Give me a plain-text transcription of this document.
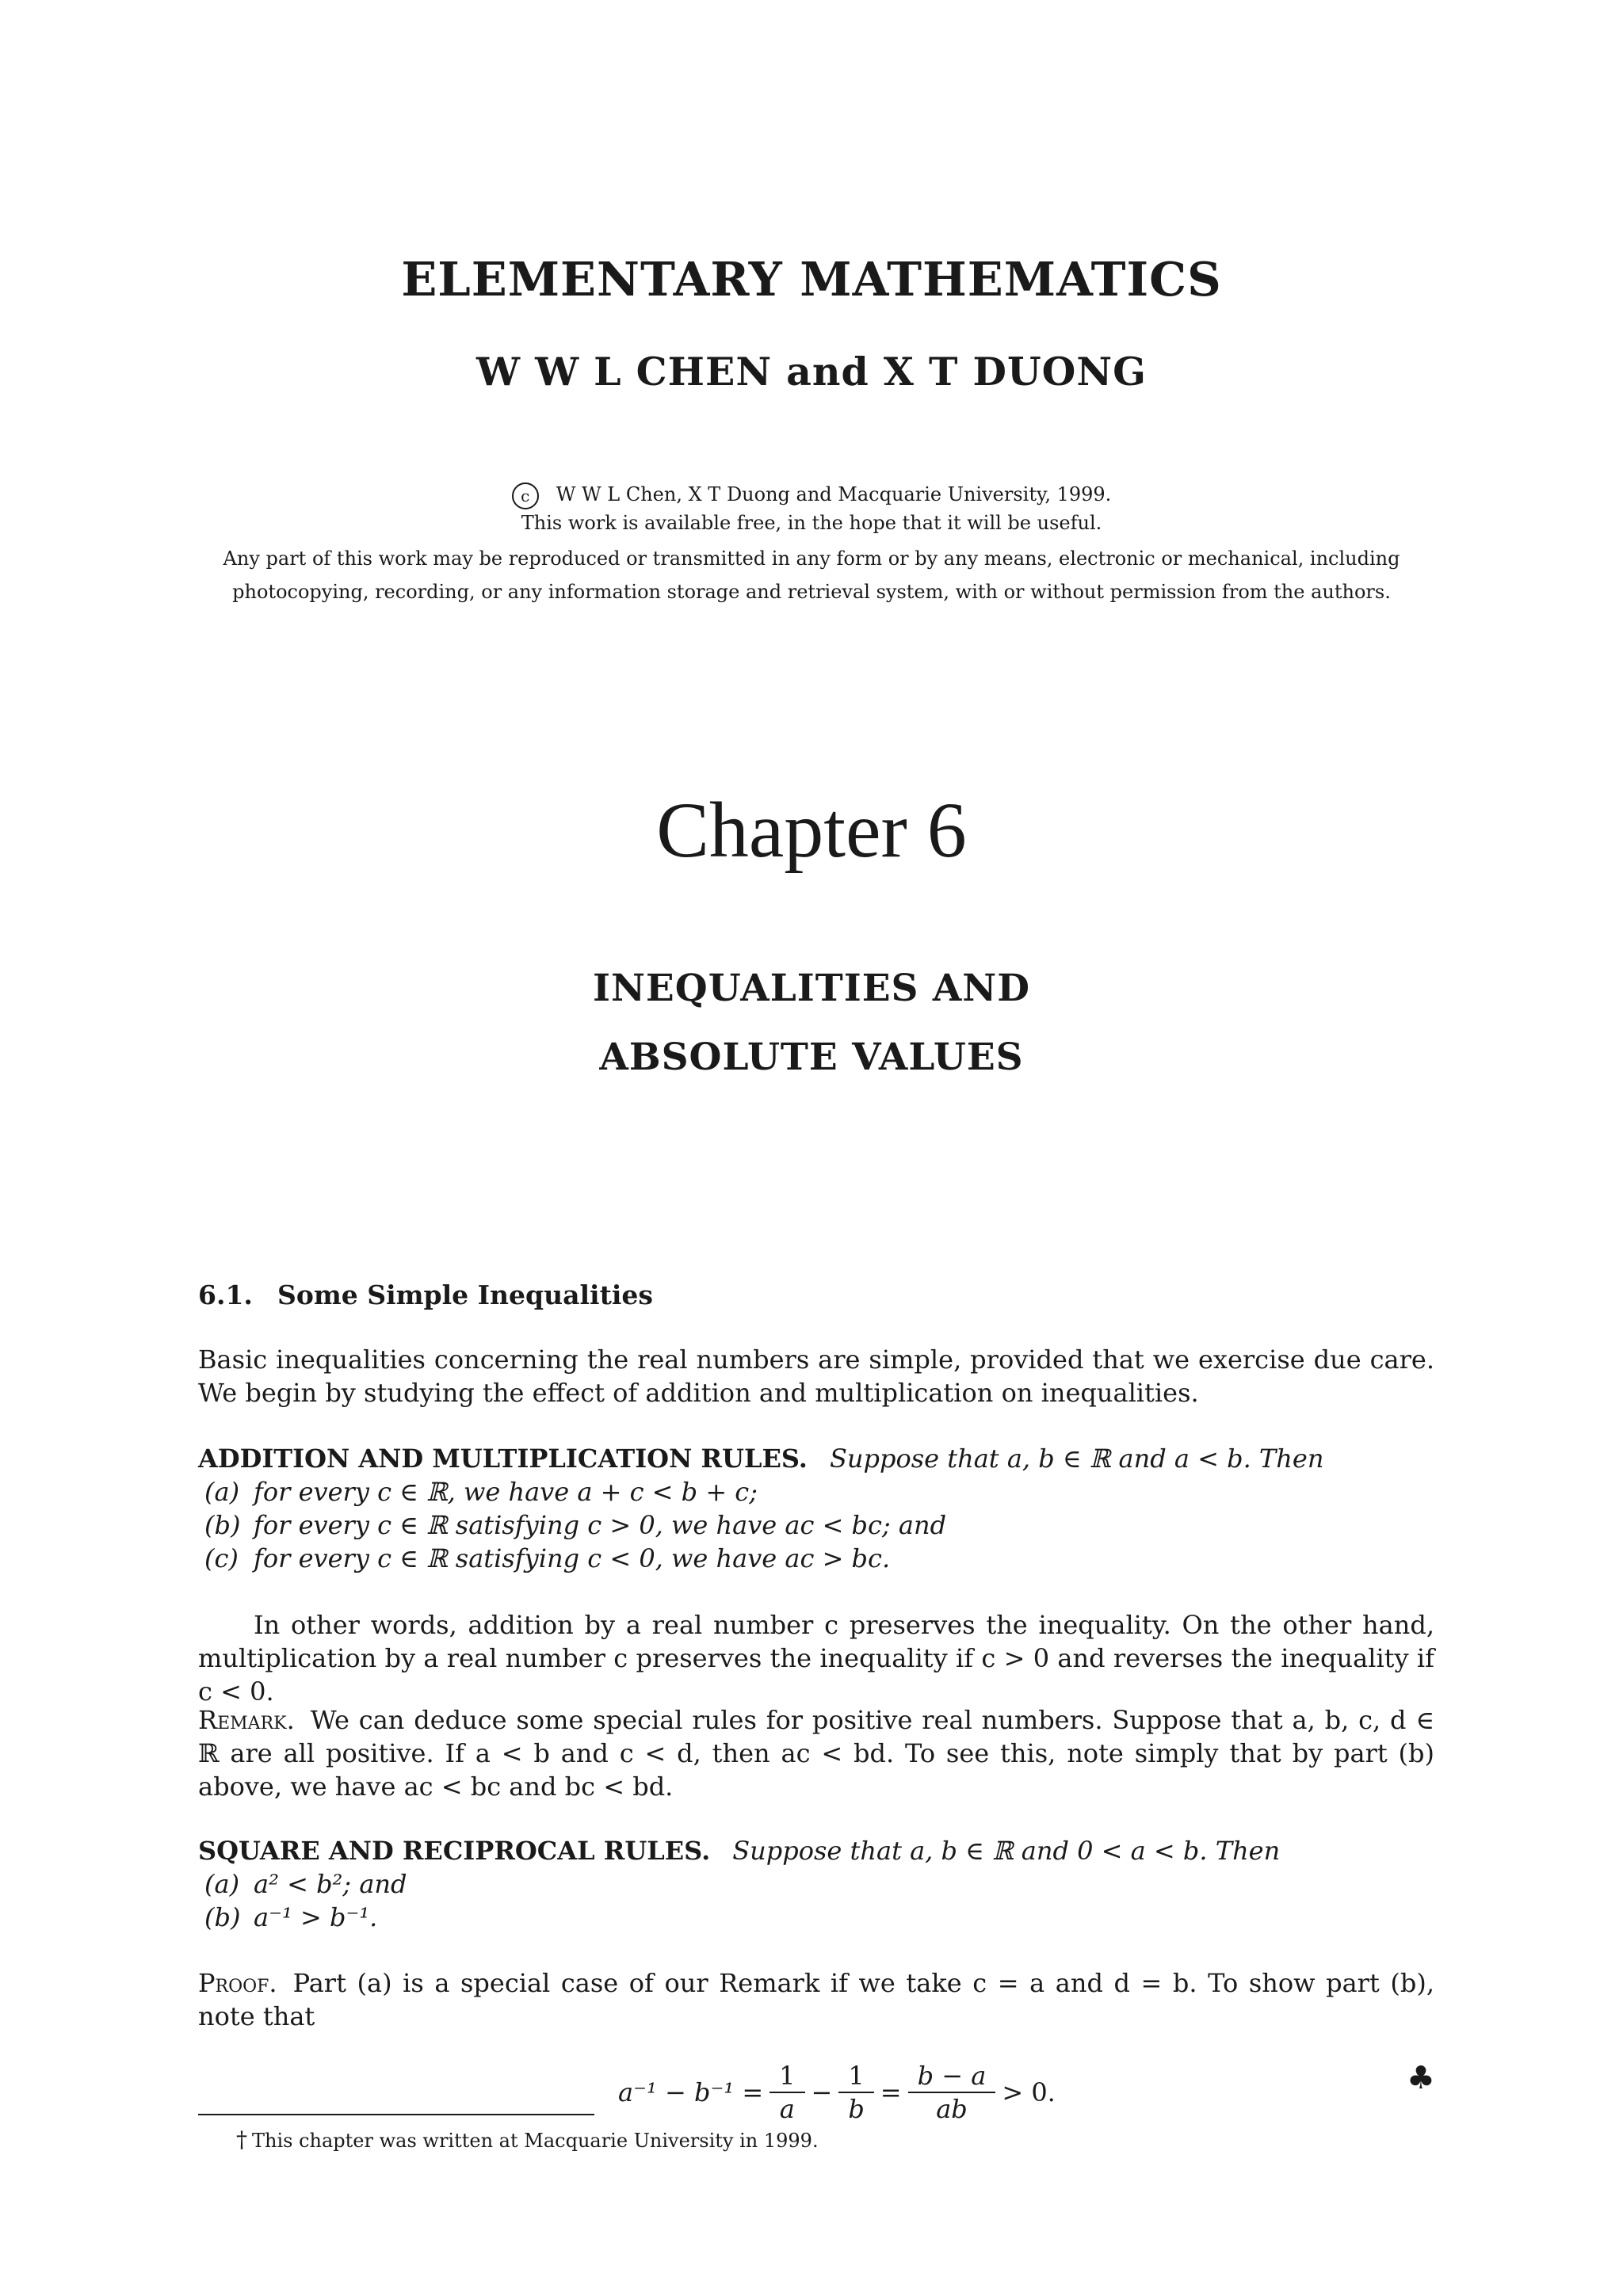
ELEMENTARY MATHEMATICS
W W L CHEN and X T DUONG
c W W L Chen, X T Duong and Macquarie University, 1999.
This work is available free, in the hope that it will be useful.
Any part of this work may be reproduced or transmitted in any form or by any means, electronic or mechanical, including
photocopying, recording, or any information storage and retrieval system, with or without permission from the authors.
Chapter 6
INEQUALITIES AND
ABSOLUTE VALUES
6.1. Some Simple Inequalities
Basic inequalities concerning the real numbers are simple, provided that we exercise due care. We begin by studying the effect of addition and multiplication on inequalities.
ADDITION AND MULTIPLICATION RULES. Suppose that a, b ∈ ℝ and a < b. Then
(a) for every c ∈ ℝ, we have a + c < b + c;
(b) for every c ∈ ℝ satisfying c > 0, we have ac < bc; and
(c) for every c ∈ ℝ satisfying c < 0, we have ac > bc.
In other words, addition by a real number c preserves the inequality. On the other hand, multiplication by a real number c preserves the inequality if c > 0 and reverses the inequality if c < 0.
Remark. We can deduce some special rules for positive real numbers. Suppose that a, b, c, d ∈ ℝ are all positive. If a < b and c < d, then ac < bd. To see this, note simply that by part (b) above, we have ac < bc and bc < bd.
SQUARE AND RECIPROCAL RULES. Suppose that a, b ∈ ℝ and 0 < a < b. Then
(a) a² < b²; and
(b) a⁻¹ > b⁻¹.
Proof. Part (a) is a special case of our Remark if we take c = a and d = b. To show part (b), note that
$a^{-1} - b^{-1} = \frac{1}{a} - \frac{1}{b} = \frac{b - a}{ab} > 0$.	♣
† This chapter was written at Macquarie University in 1999.
